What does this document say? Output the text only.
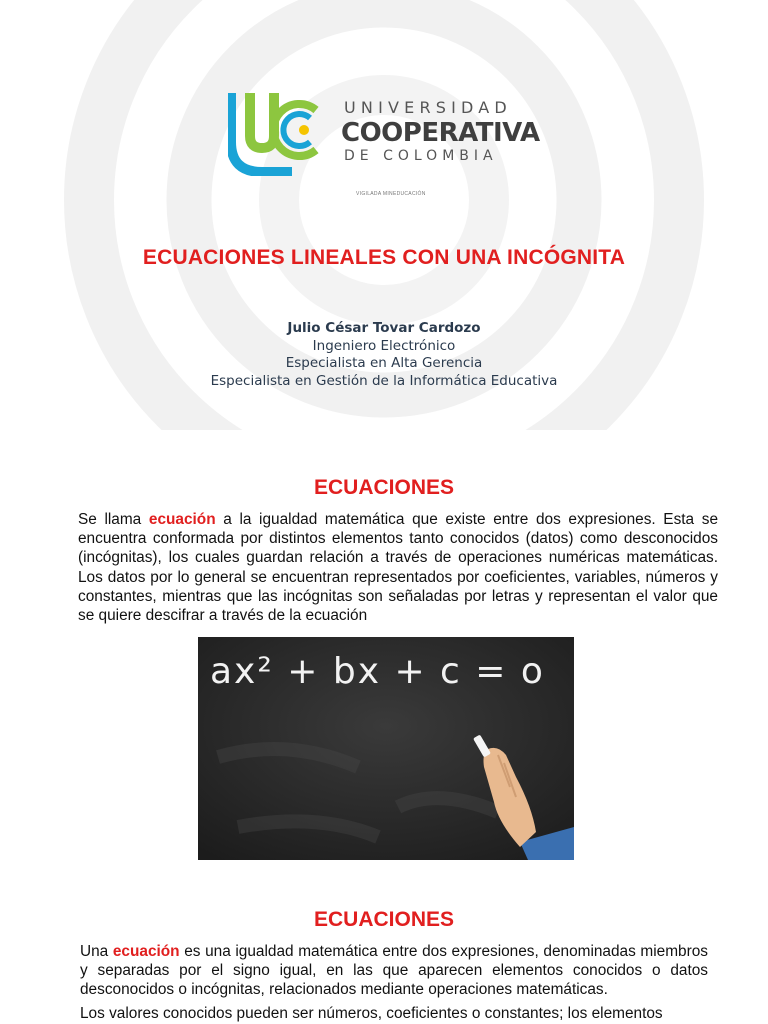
UNIVERSIDAD
COOPERATIVA
DE COLOMBIA
VIGILADA MINEDUCACIÓN
ECUACIONES LINEALES CON UNA INCÓGNITA
Julio César Tovar Cardozo
Ingeniero Electrónico
Especialista en Alta Gerencia
Especialista en Gestión de la Informática Educativa
ECUACIONES

Se llama ecuación a la igualdad matemática que existe entre dos expresiones. Esta se encuentra conformada por distintos elementos tanto conocidos (datos) como desconocidos (incógnitas), los cuales guardan relación a través de operaciones numéricas matemáticas. Los datos por lo general se encuentran representados por coeficientes, variables, números y constantes, mientras que las incógnitas son señaladas por letras y representan el valor que se quiere descifrar a través de la ecuación

ax² + bx + c = o
ECUACIONES

Una ecuación es una igualdad matemática entre dos expresiones, denominadas miembros y separadas por el signo igual, en las que aparecen elementos conocidos o datos desconocidos o incógnitas, relacionados mediante operaciones matemáticas.

Los valores conocidos pueden ser números, coeficientes o constantes; los elementos
